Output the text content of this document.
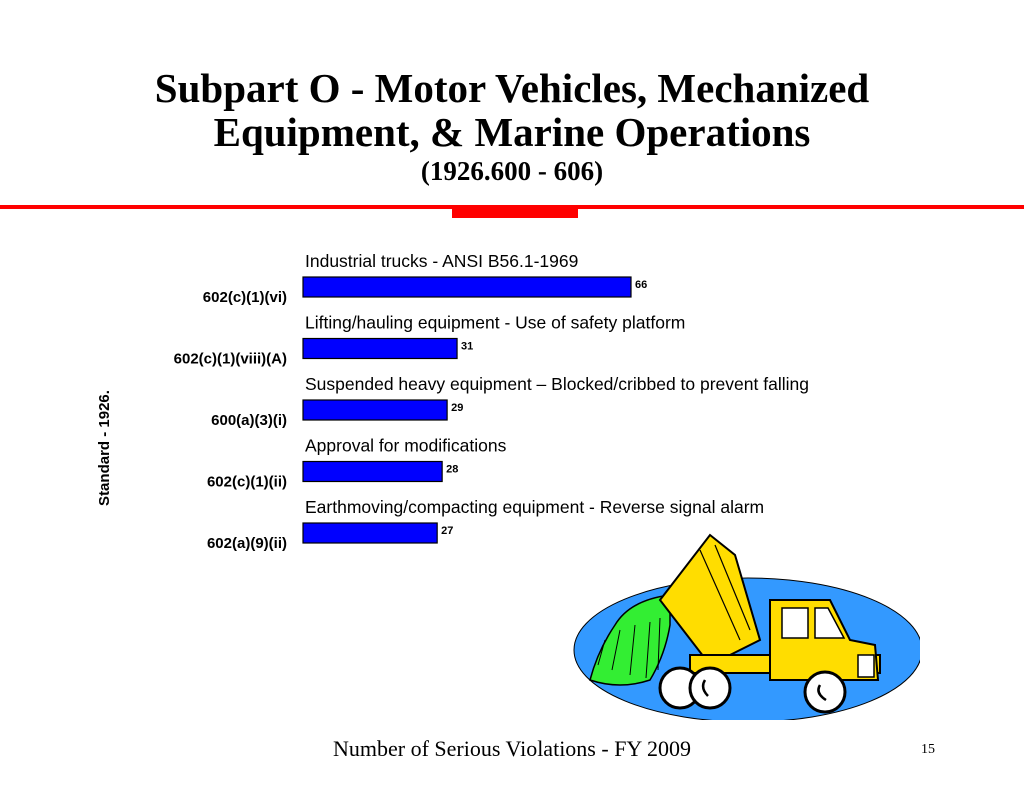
Subpart O - Motor Vehicles, Mechanized
Equipment, & Marine Operations
(1926.600 - 606)
Standard - 1926.
Industrial trucks - ANSI B56.1-1969
66
602(c)(1)(vi)
Lifting/hauling equipment - Use of safety platform
31
602(c)(1)(viii)(A)
Suspended heavy equipment – Blocked/cribbed to prevent falling
29
600(a)(3)(i)
Approval for modifications
28
602(c)(1)(ii)
Earthmoving/compacting equipment - Reverse signal alarm
27
602(a)(9)(ii)
Number of Serious Violations - FY 2009	15
